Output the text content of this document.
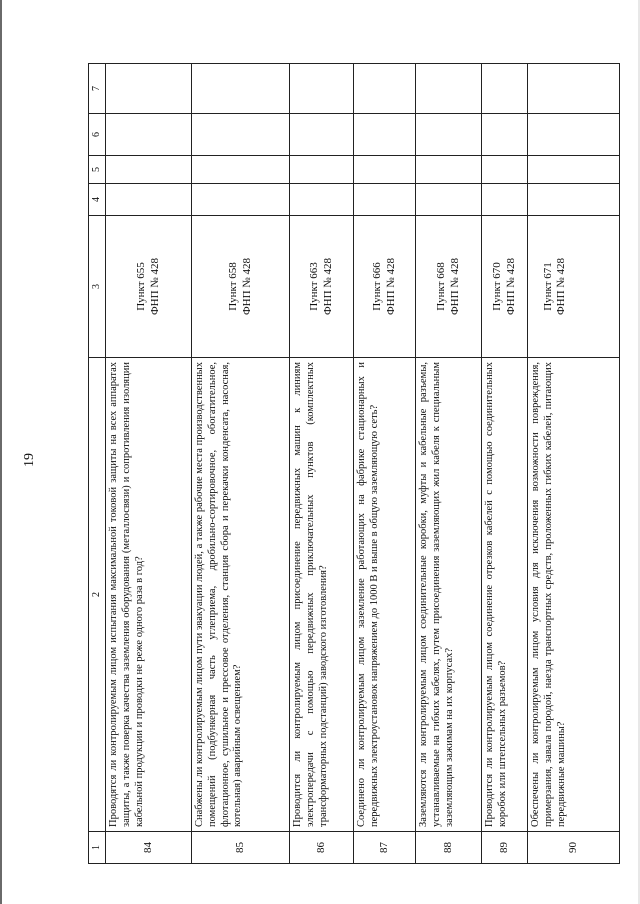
19
1	2	3	4	5	6	7
84	Проводятся ли контролируемым лицом испытания максимальной токовой защиты на всех аппаратах защиты, а также поверка качества заземления оборудования (металлосвязи) и сопротивления изоляции кабельной продукции и проводки не реже одного раза в год?	Пункт 655
ФНП № 428				
85	Снабжены ли контролируемым лицом пути эвакуации людей, а также рабочие места производственных помещений (подбункерная часть углеприема, дробильно-сортировочное, обогатительное, флотационное, сушильное и прессовое отделения, станция сбора и перекачки конденсата, насосная, котельная) аварийным освещением?	Пункт 658
ФНП № 428				
86	Проводится ли контролируемым лицом присоединение передвижных машин к линиям электропередачи с помощью передвижных приключательных пунктов (комплектных трансформаторных подстанций) заводского изготовления?	Пункт 663
ФНП № 428				
87	Соединено ли контролируемым лицом заземление работающих на фабрике стационарных и передвижных электроустановок напряжением до 1000 В и выше в общую заземляющую сеть?	Пункт 666
ФНП № 428				
88	Заземляются ли контролируемым лицом соединительные коробки, муфты и кабельные разъемы, устанавливаемые на гибких кабелях, путем присоединения заземляющих жил кабеля к специальным заземляющим зажимам на их корпусах?	Пункт 668
ФНП № 428				
89	Проводится ли контролируемым лицом соединение отрезков кабелей с помощью соединительных коробок или штепсельных разъемов?	Пункт 670
ФНП № 428				
90	Обеспечены ли контролируемым лицом условия для исключения возможности повреждения, примерзания, завала породой, наезда транспортных средств, проложенных гибких кабелей, питающих передвижные машины?	Пункт 671
ФНП № 428				
